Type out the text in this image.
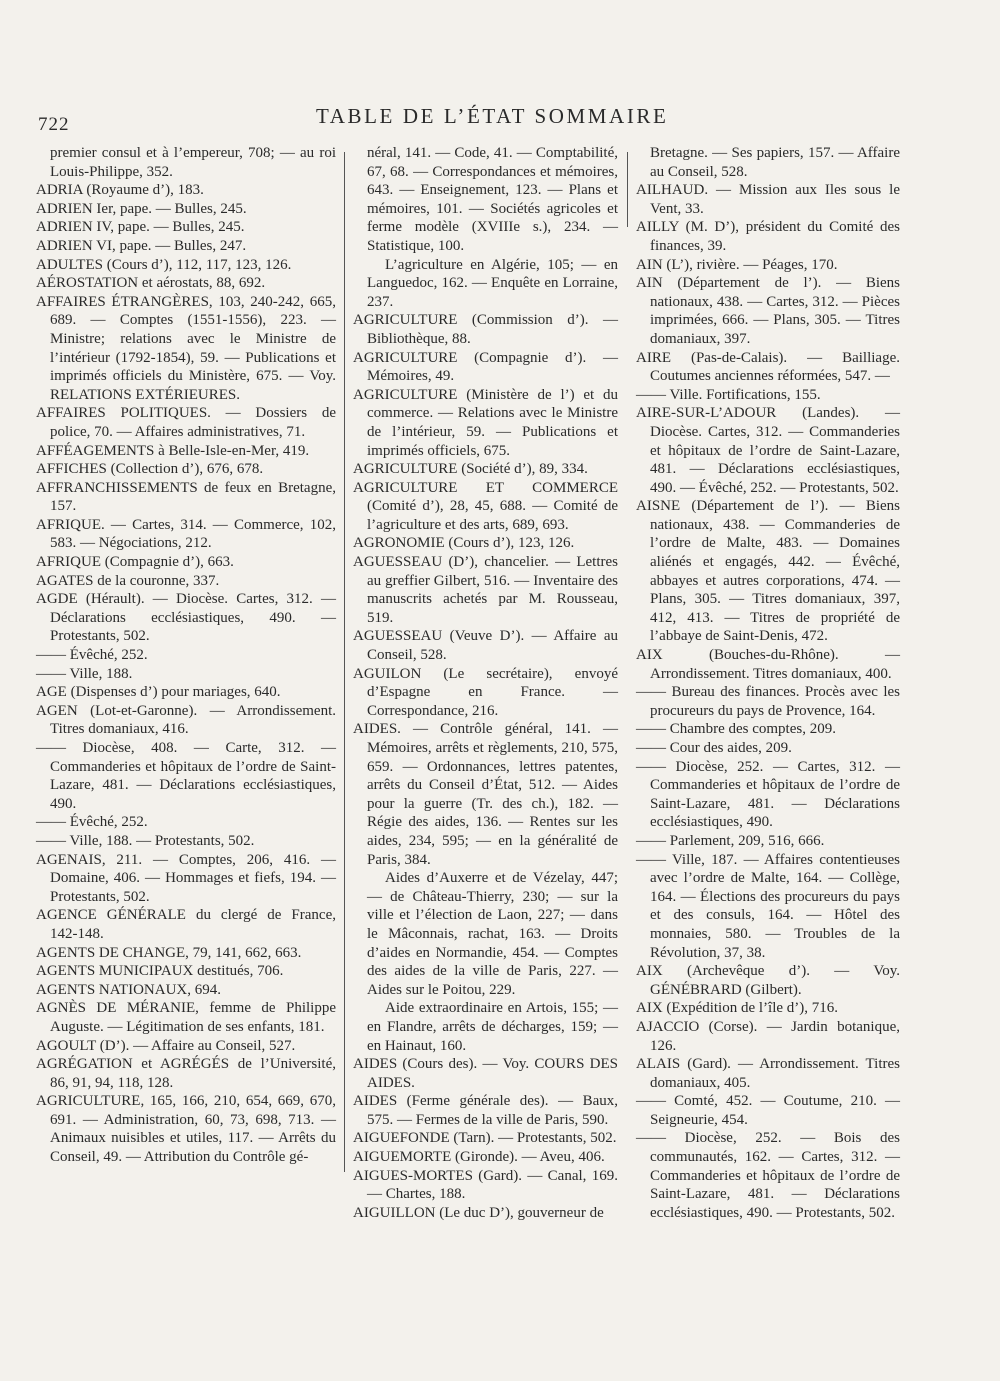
722	TABLE DE L’ÉTAT SOMMAIRE
premier consul et à l’empereur, 708; — au roi Louis-Philippe, 352.
ADRIA (Royaume d’), 183.
ADRIEN Ier, pape. — Bulles, 245.
ADRIEN IV, pape. — Bulles, 245.
ADRIEN VI, pape. — Bulles, 247.
ADULTES (Cours d’), 112, 117, 123, 126.
AÉROSTATION et aérostats, 88, 692.
AFFAIRES ÉTRANGÈRES, 103, 240-242, 665, 689. — Comptes (1551-1556), 223. — Ministre; relations avec le Ministre de l’intérieur (1792-1854), 59. — Publications et imprimés officiels du Ministère, 675. — Voy. RELATIONS EXTÉRIEURES.
AFFAIRES POLITIQUES. — Dossiers de police, 70. — Affaires administratives, 71.
AFFÉAGEMENTS à Belle-Isle-en-Mer, 419.
AFFICHES (Collection d’), 676, 678.
AFFRANCHISSEMENTS de feux en Bretagne, 157.
AFRIQUE. — Cartes, 314. — Commerce, 102, 583. — Négociations, 212.
AFRIQUE (Compagnie d’), 663.
AGATES de la couronne, 337.
AGDE (Hérault). — Diocèse. Cartes, 312. — Déclarations ecclésiastiques, 490. — Protestants, 502.
—— Évêché, 252.
—— Ville, 188.
AGE (Dispenses d’) pour mariages, 640.
AGEN (Lot-et-Garonne). — Arrondissement. Titres domaniaux, 416.
—— Diocèse, 408. — Carte, 312. — Commanderies et hôpitaux de l’ordre de Saint-Lazare, 481. — Déclarations ecclésiastiques, 490.
—— Évêché, 252.
—— Ville, 188. — Protestants, 502.
AGENAIS, 211. — Comptes, 206, 416. — Domaine, 406. — Hommages et fiefs, 194. — Protestants, 502.
AGENCE GÉNÉRALE du clergé de France, 142-148.
AGENTS DE CHANGE, 79, 141, 662, 663.
AGENTS MUNICIPAUX destitués, 706.
AGENTS NATIONAUX, 694.
AGNÈS DE MÉRANIE, femme de Philippe Auguste. — Légitimation de ses enfants, 181.
AGOULT (D’). — Affaire au Conseil, 527.
AGRÉGATION et AGRÉGÉS de l’Université, 86, 91, 94, 118, 128.
AGRICULTURE, 165, 166, 210, 654, 669, 670, 691. — Administration, 60, 73, 698, 713. — Animaux nuisibles et utiles, 117. — Arrêts du Conseil, 49. — Attribution du Contrôle gé-
néral, 141. — Code, 41. — Comptabilité, 67, 68. — Correspondances et mémoires, 643. — Enseignement, 123. — Plans et mémoires, 101. — Sociétés agricoles et ferme modèle (XVIIIe s.), 234. — Statistique, 100.
L’agriculture en Algérie, 105; — en Languedoc, 162. — Enquête en Lorraine, 237.
AGRICULTURE (Commission d’). — Bibliothèque, 88.
AGRICULTURE (Compagnie d’). — Mémoires, 49.
AGRICULTURE (Ministère de l’) et du commerce. — Relations avec le Ministre de l’intérieur, 59. — Publications et imprimés officiels, 675.
AGRICULTURE (Société d’), 89, 334.
AGRICULTURE ET COMMERCE (Comité d’), 28, 45, 688. — Comité de l’agriculture et des arts, 689, 693.
AGRONOMIE (Cours d’), 123, 126.
AGUESSEAU (D’), chancelier. — Lettres au greffier Gilbert, 516. — Inventaire des manuscrits achetés par M. Rousseau, 519.
AGUESSEAU (Veuve D’). — Affaire au Conseil, 528.
AGUILON (Le secrétaire), envoyé d’Espagne en France. — Correspondance, 216.
AIDES. — Contrôle général, 141. — Mémoires, arrêts et règlements, 210, 575, 659. — Ordonnances, lettres patentes, arrêts du Conseil d’État, 512. — Aides pour la guerre (Tr. des ch.), 182. — Régie des aides, 136. — Rentes sur les aides, 234, 595; — en la généralité de Paris, 384.
Aides d’Auxerre et de Vézelay, 447; — de Château-Thierry, 230; — sur la ville et l’élection de Laon, 227; — dans le Mâconnais, rachat, 163. — Droits d’aides en Normandie, 454. — Comptes des aides de la ville de Paris, 227. — Aides sur le Poitou, 229.
Aide extraordinaire en Artois, 155; — en Flandre, arrêts de décharges, 159; — en Hainaut, 160.
AIDES (Cours des). — Voy. COURS DES AIDES.
AIDES (Ferme générale des). — Baux, 575. — Fermes de la ville de Paris, 590.
AIGUEFONDE (Tarn). — Protestants, 502.
AIGUEMORTE (Gironde). — Aveu, 406.
AIGUES-MORTES (Gard). — Canal, 169. — Chartes, 188.
AIGUILLON (Le duc D’), gouverneur de
Bretagne. — Ses papiers, 157. — Affaire au Conseil, 528.
AILHAUD. — Mission aux Iles sous le Vent, 33.
AILLY (M. D’), président du Comité des finances, 39.
AIN (L’), rivière. — Péages, 170.
AIN (Département de l’). — Biens nationaux, 438. — Cartes, 312. — Pièces imprimées, 666. — Plans, 305. — Titres domaniaux, 397.
AIRE (Pas-de-Calais). — Bailliage. Coutumes anciennes réformées, 547. —
—— Ville. Fortifications, 155.
AIRE-SUR-L’ADOUR (Landes). — Diocèse. Cartes, 312. — Commanderies et hôpitaux de l’ordre de Saint-Lazare, 481. — Déclarations ecclésiastiques, 490. — Évêché, 252. — Protestants, 502.
AISNE (Département de l’). — Biens nationaux, 438. — Commanderies de l’ordre de Malte, 483. — Domaines aliénés et engagés, 442. — Évêché, abbayes et autres corporations, 474. — Plans, 305. — Titres domaniaux, 397, 412, 413. — Titres de propriété de l’abbaye de Saint-Denis, 472.
AIX (Bouches-du-Rhône). — Arrondissement. Titres domaniaux, 400.
—— Bureau des finances. Procès avec les procureurs du pays de Provence, 164.
—— Chambre des comptes, 209.
—— Cour des aides, 209.
—— Diocèse, 252. — Cartes, 312. — Commanderies et hôpitaux de l’ordre de Saint-Lazare, 481. — Déclarations ecclésiastiques, 490.
—— Parlement, 209, 516, 666.
—— Ville, 187. — Affaires contentieuses avec l’ordre de Malte, 164. — Collège, 164. — Élections des procureurs du pays et des consuls, 164. — Hôtel des monnaies, 580. — Troubles de la Révolution, 37, 38.
AIX (Archevêque d’). — Voy. GÉNÉBRARD (Gilbert).
AIX (Expédition de l’île d’), 716.
AJACCIO (Corse). — Jardin botanique, 126.
ALAIS (Gard). — Arrondissement. Titres domaniaux, 405.
—— Comté, 452. — Coutume, 210. — Seigneurie, 454.
—— Diocèse, 252. — Bois des communautés, 162. — Cartes, 312. — Commanderies et hôpitaux de l’ordre de Saint-Lazare, 481. — Déclarations ecclésiastiques, 490. — Protestants, 502.
